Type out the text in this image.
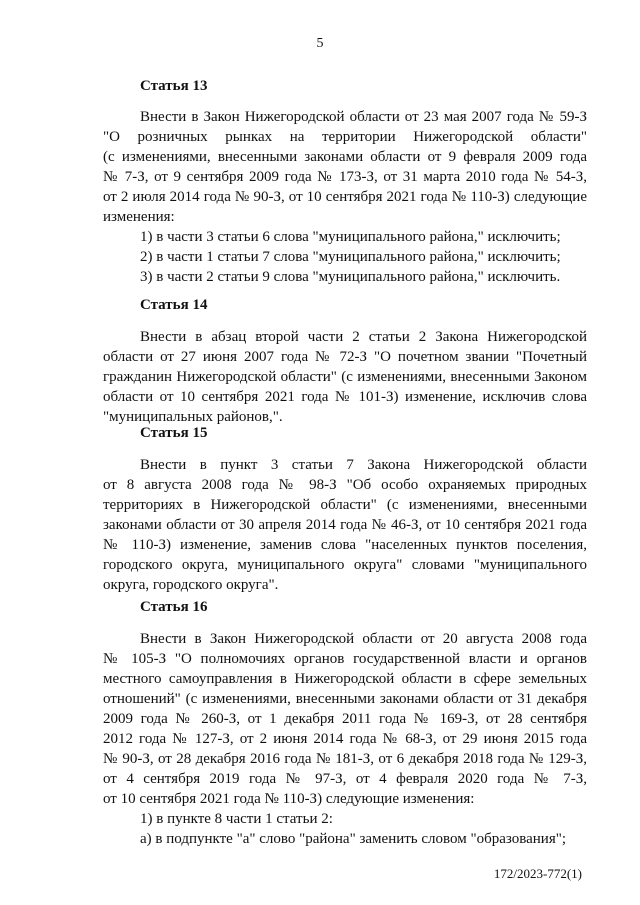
5
Статья 13
Внести в Закон Нижегородской области от 23 мая 2007 года № 59-З
"О розничных рынках на территории Нижегородской области"
(с изменениями, внесенными законами области от 9 февраля 2009 года
№ 7-З, от 9 сентября 2009 года № 173-З, от 31 марта 2010 года № 54-З,
от 2 июля 2014 года № 90-З, от 10 сентября 2021 года № 110-З) следующие
изменения:
1) в части 3 статьи 6 слова "муниципального района," исключить;
2) в части 1 статьи 7 слова "муниципального района," исключить;
3) в части 2 статьи 9 слова "муниципального района," исключить.
Статья 14
Внести в абзац второй части 2 статьи 2 Закона Нижегородской
области от 27 июня 2007 года № 72-З "О почетном звании "Почетный
гражданин Нижегородской области" (с изменениями, внесенными Законом
области от 10 сентября 2021 года № 101-З) изменение, исключив слова
"муниципальных районов,".
Статья 15
Внести в пункт 3 статьи 7 Закона Нижегородской области
от 8 августа 2008 года № 98-З "Об особо охраняемых природных
территориях в Нижегородской области" (с изменениями, внесенными
законами области от 30 апреля 2014 года № 46-З, от 10 сентября 2021 года
№ 110-З) изменение, заменив слова "населенных пунктов поселения,
городского округа, муниципального округа" словами "муниципального
округа, городского округа".
Статья 16
Внести в Закон Нижегородской области от 20 августа 2008 года
№ 105-З "О полномочиях органов государственной власти и органов
местного самоуправления в Нижегородской области в сфере земельных
отношений" (с изменениями, внесенными законами области от 31 декабря
2009 года № 260-З, от 1 декабря 2011 года № 169-З, от 28 сентября
2012 года № 127-З, от 2 июня 2014 года № 68-З, от 29 июня 2015 года
№ 90-З, от 28 декабря 2016 года № 181-З, от 6 декабря 2018 года № 129-З,
от 4 сентября 2019 года № 97-З, от 4 февраля 2020 года № 7-З,
от 10 сентября 2021 года № 110-З) следующие изменения:
1) в пункте 8 части 1 статьи 2:
а) в подпункте "а" слово "района" заменить словом "образования";
172/2023-772(1)
